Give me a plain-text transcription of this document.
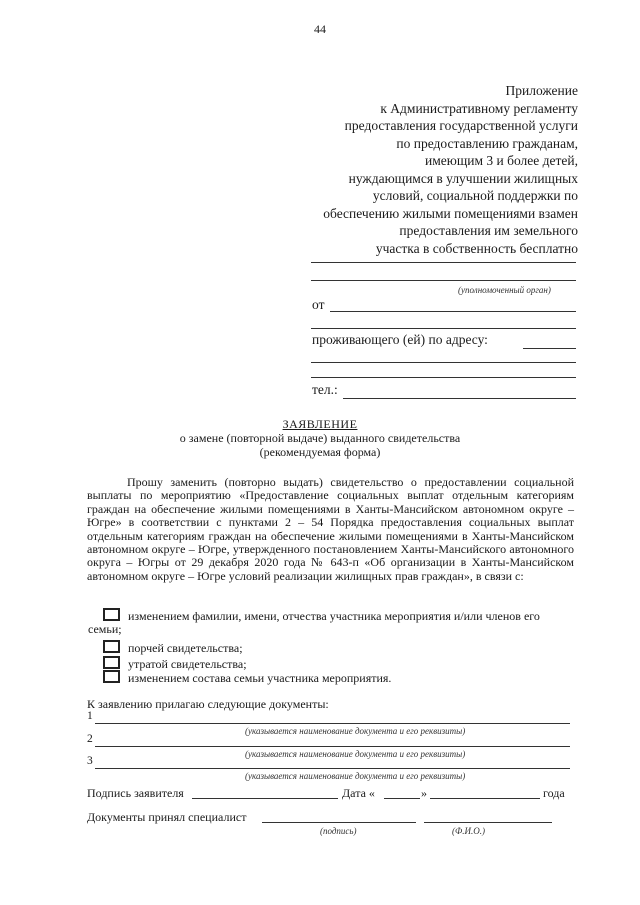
44
Приложение
к Административному регламенту
предоставления государственной услуги
по предоставлению гражданам,
имеющим 3 и более детей,
нуждающимся в улучшении жилищных
условий, социальной поддержки по
обеспечению жилыми помещениями взамен
предоставления им земельного
участка в собственность бесплатно
(уполномоченный орган)
от
проживающего (ей) по адресу:
тел.:
ЗАЯВЛЕНИЕ
о замене (повторной выдаче) выданного свидетельства
(рекомендуемая форма)
Прошу заменить (повторно выдать) свидетельство о предоставлении социальной выплаты по мероприятию «Предоставление социальных выплат отдельным категориям граждан на обеспечение жилыми помещениями в Ханты-Мансийском автономном округе – Югре» в соответствии с пунктами 2 – 54 Порядка предоставления социальных выплат отдельным категориям граждан на обеспечение жилыми помещениями в Ханты-Мансийском автономном округе – Югре, утвержденного постановлением Ханты-Мансийского автономного округа – Югры от 29 декабря 2020 года № 643-п «Об организации в Ханты-Мансийском автономном округе – Югре условий реализации жилищных прав граждан», в связи с:
изменением фамилии, имени, отчества участника мероприятия и/или членов его
семьи;
порчей свидетельства;
утратой свидетельства;
изменением состава семьи участника мероприятия.
К заявлению прилагаю следующие документы:
1
(указывается наименование документа и его реквизиты)
2
(указывается наименование документа и его реквизиты)
3
(указывается наименование документа и его реквизиты)
Подпись заявителя	Дата «	»	года
Документы принял специалист
(подпись)	(Ф.И.О.)
